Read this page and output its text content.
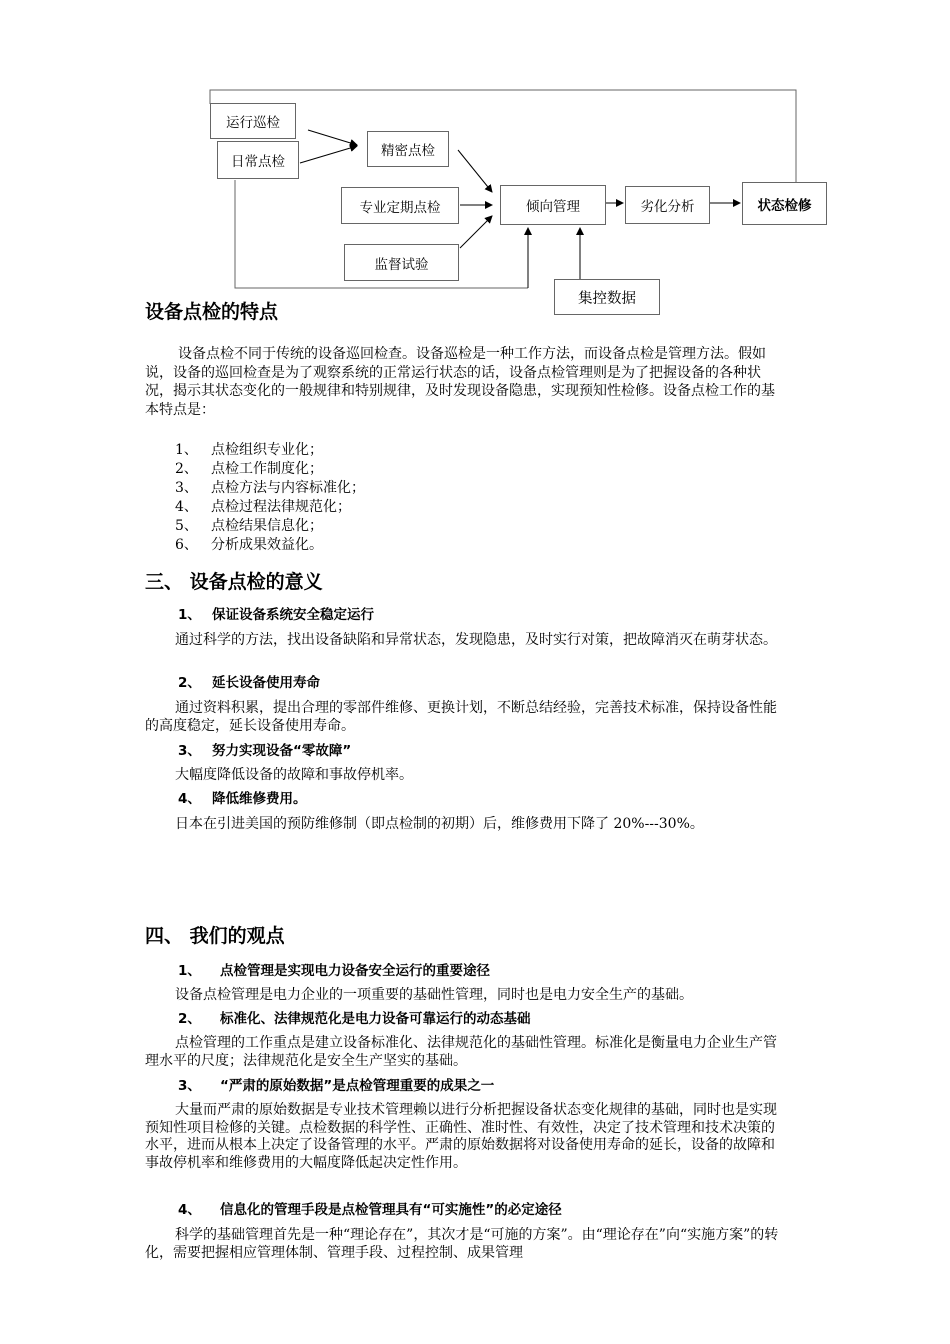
运行巡检
日常点检
精密点检
专业定期点检
监督试验
倾向管理	劣化分析	状态检修
集控数据
设备点检的特点

设备点检不同于传统的设备巡回检查。设备巡检是一种工作方法，而设备点检是管理方法。假如说，设备的巡回检查是为了观察系统的正常运行状态的话，设备点检管理则是为了把握设备的各种状况，揭示其状态变化的一般规律和特别规律，及时发现设备隐患，实现预知性检修。设备点检工作的基本特点是：

1、 点检组织专业化；
2、 点检工作制度化；
3、 点检方法与内容标准化；
4、 点检过程法律规范化；
5、 点检结果信息化；
6、 分析成果效益化。
三、 设备点检的意义
1、 保证设备系统安全稳定运行

通过科学的方法，找出设备缺陷和异常状态，发现隐患，及时实行对策，把故障消灭在萌芽状态。

2、 延长设备使用寿命

通过资料积累，提出合理的零部件维修、更换计划，不断总结经验，完善技术标准，保持设备性能的高度稳定，延长设备使用寿命。

3、 努力实现设备“零故障”

大幅度降低设备的故障和事故停机率。

4、 降低维修费用。

日本在引进美国的预防维修制（即点检制的初期）后，维修费用下降了 20%---30%。

四、 我们的观点
1、 点检管理是实现电力设备安全运行的重要途径

设备点检管理是电力企业的一项重要的基础性管理，同时也是电力安全生产的基础。

2、 标准化、法律规范化是电力设备可靠运行的动态基础

点检管理的工作重点是建立设备标准化、法律规范化的基础性管理。标准化是衡量电力企业生产管理水平的尺度；法律规范化是安全生产坚实的基础。

3、 “严肃的原始数据”是点检管理重要的成果之一

大量而严肃的原始数据是专业技术管理赖以进行分析把握设备状态变化规律的基础，同时也是实现预知性项目检修的关键。点检数据的科学性、正确性、准时性、有效性，决定了技术管理和技术决策的水平，进而从根本上决定了设备管理的水平。严肃的原始数据将对设备使用寿命的延长，设备的故障和事故停机率和维修费用的大幅度降低起决定性作用。

4、 信息化的管理手段是点检管理具有“可实施性”的必定途径

科学的基础管理首先是一种“理论存在”，其次才是“可施的方案”。由“理论存在”向“实施方案”的转化，需要把握相应管理体制、管理手段、过程控制、成果管理
